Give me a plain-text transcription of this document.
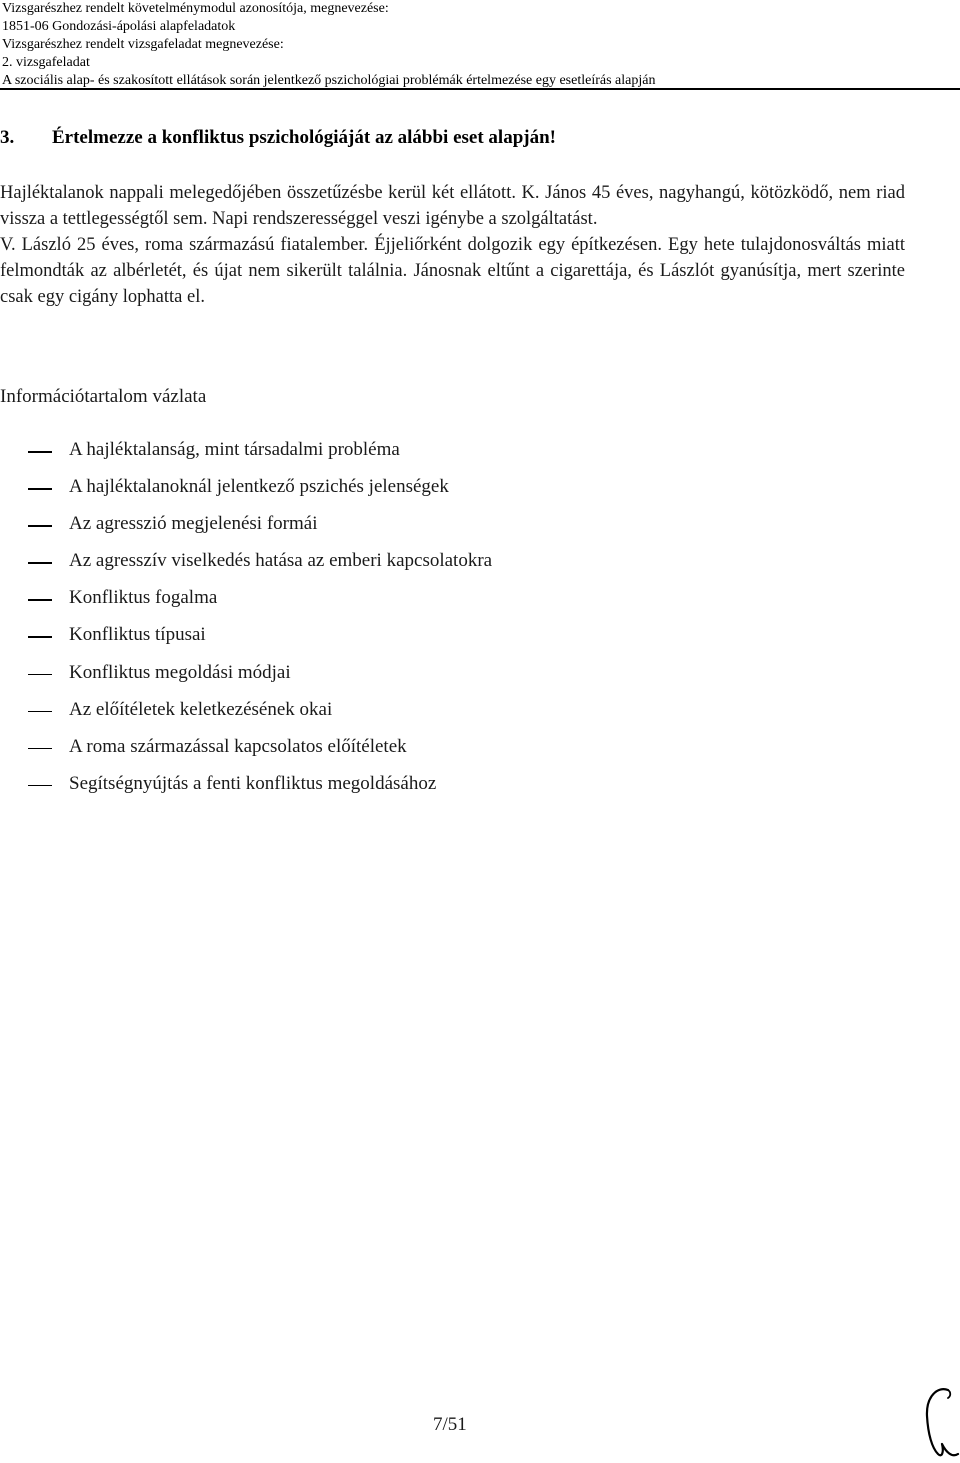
Vizsgarészhez rendelt követelménymodul azonosítója, megnevezése:
1851-06 Gondozási-ápolási alapfeladatok
Vizsgarészhez rendelt vizsgafeladat megnevezése:
2. vizsgafeladat
A szociális alap- és szakosított ellátások során jelentkező pszichológiai problémák értelmezése egy esetleírás alapján
3. Értelmezze a konfliktus pszichológiáját az alábbi eset alapján!

Hajléktalanok nappali melegedőjében összetűzésbe kerül két ellátott. K. János 45 éves, nagyhangú, kötözködő, nem riad vissza a tettlegességtől sem. Napi rendszerességgel veszi igénybe a szolgáltatást.

V. László 25 éves, roma származású fiatalember. Éjjeliőrként dolgozik egy építkezésen. Egy hete tulajdonosváltás miatt felmondták az albérletét, és újat nem sikerült találnia. Jánosnak eltűnt a cigarettája, és Lászlót gyanúsítja, mert szerinte csak egy cigány lophatta el.

Információtartalom vázlata
A hajléktalanság, mint társadalmi probléma
A hajléktalanoknál jelentkező pszichés jelenségek
Az agresszió megjelenési formái
Az agresszív viselkedés hatása az emberi kapcsolatokra
Konfliktus fogalma
Konfliktus típusai
Konfliktus megoldási módjai
Az előítéletek keletkezésének okai
A roma származással kapcsolatos előítéletek
Segítségnyújtás a fenti konfliktus megoldásához
7/51
